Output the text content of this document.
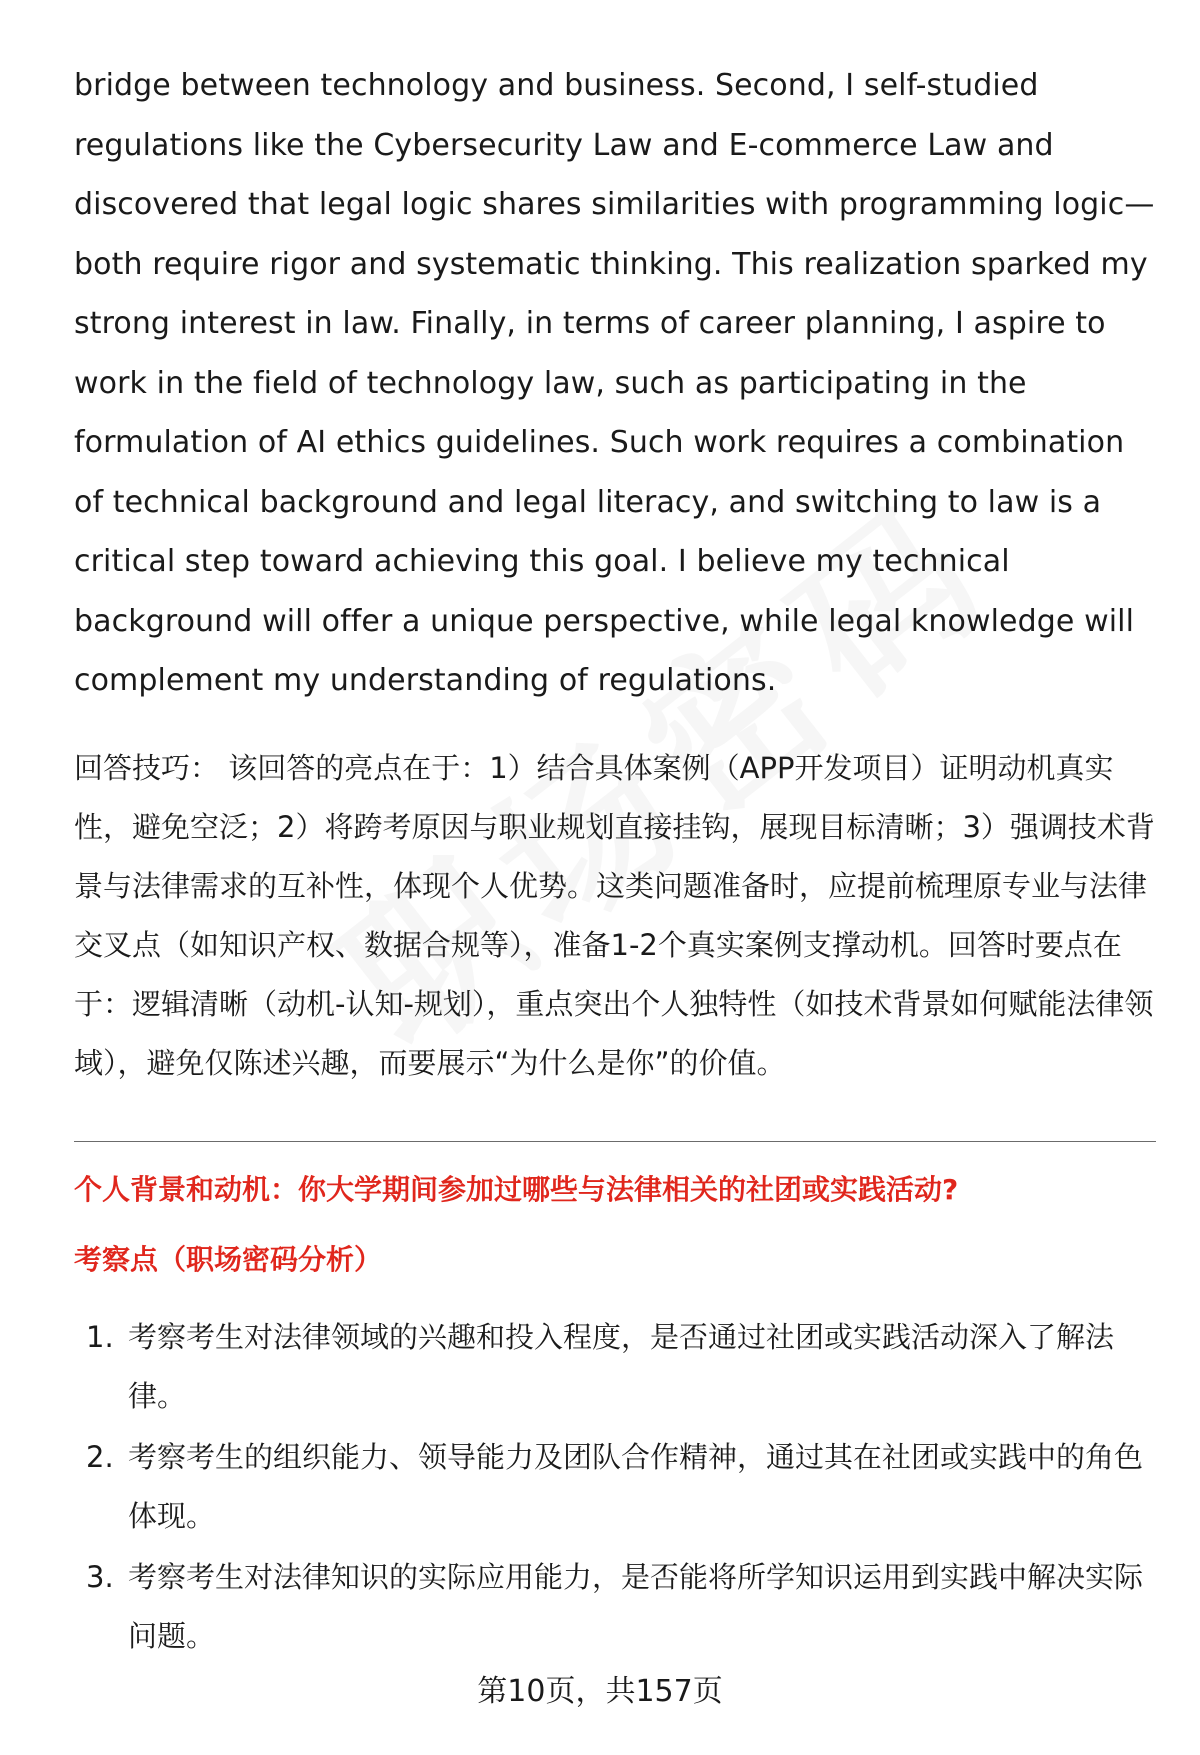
bridge between technology and business. Second, I self-studied regulations like the Cybersecurity Law and E-commerce Law and discovered that legal logic shares similarities with programming logic—both require rigor and systematic thinking. This realization sparked my strong interest in law. Finally, in terms of career planning, I aspire to work in the field of technology law, such as participating in the formulation of AI ethics guidelines. Such work requires a combination of technical background and legal literacy, and switching to law is a critical step toward achieving this goal. I believe my technical background will offer a unique perspective, while legal knowledge will complement my understanding of regulations.

回答技巧： 该回答的亮点在于：1）结合具体案例（APP开发项目）证明动机真实性，避免空泛；2）将跨考原因与职业规划直接挂钩，展现目标清晰；3）强调技术背景与法律需求的互补性，体现个人优势。这类问题准备时，应提前梳理原专业与法律交叉点（如知识产权、数据合规等），准备1-2个真实案例支撑动机。回答时要点在于：逻辑清晰（动机-认知-规划），重点突出个人独特性（如技术背景如何赋能法律领域），避免仅陈述兴趣，而要展示“为什么是你”的价值。

个人背景和动机：你大学期间参加过哪些与法律相关的社团或实践活动?
考察点（职场密码分析）
1. 考察考生对法律领域的兴趣和投入程度，是否通过社团或实践活动深入了解法律。
2. 考察考生的组织能力、领导能力及团队合作精神，通过其在社团或实践中的角色体现。
3. 考察考生对法律知识的实际应用能力，是否能将所学知识运用到实践中解决实际问题。
第10页，共157页
